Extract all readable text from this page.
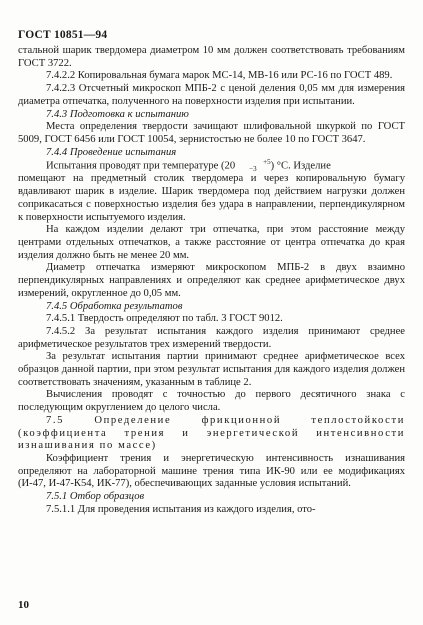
ГОСТ 10851—94

стальной шарик твердомера диаметром 10 мм должен соответствовать требованиям ГОСТ 3722.

7.4.2.2 Копировальная бумага марок МС-14, МВ-16 или РС-16 по ГОСТ 489.

7.4.2.3 Отсчетный микроскоп МПБ-2 с ценой деления 0,05 мм для измерения диаметра отпечатка, полученного на поверхности изделия при испытании.

7.4.3 Подготовка к испытанию

Места определения твердости зачищают шлифовальной шкуркой по ГОСТ 5009, ГОСТ 6456 или ГОСТ 10054, зернистостью не более 10 по ГОСТ 3647.

7.4.4 Проведение испытания

Испытания проводят при температуре (20	+5
−3 ) °С. Изделие

помещают на предметный столик твердомера и через копировальную бумагу вдавливают шарик в изделие. Шарик твердомера под действием нагрузки должен соприкасаться с поверхностью изделия без удара в направлении, перпендикулярном к поверхности испытуемого изделия.

На каждом изделии делают три отпечатка, при этом расстояние между центрами отдельных отпечатков, а также расстояние от центра отпечатка до края изделия должно быть не менее 20 мм.

Диаметр отпечатка измеряют микроскопом МПБ-2 в двух взаимно перпендикулярных направлениях и определяют как среднее арифметическое двух измерений, округленное до 0,05 мм.

7.4.5 Обработка результатов

7.4.5.1 Твердость определяют по табл. 3 ГОСТ 9012.

7.4.5.2 За результат испытания каждого изделия принимают среднее арифметическое результатов трех измерений твердости.

За результат испытания партии принимают среднее арифметическое всех образцов данной партии, при этом результат испытания для каждого изделия должен соответствовать значениям, указанным в таблице 2.

Вычисления проводят с точностью до первого десятичного знака с последующим округлением до целого числа.

7.5 Определение фрикционной теплостойкости (коэффициента трения и энергетической интенсивности изнашивания по массе)

Коэффициент трения и энергетическую интенсивность изнашивания определяют на лабораторной машине трения типа ИК-90 или ее модификациях (И-47, И-47-К54, ИК-77), обеспечивающих заданные условия испытаний.

7.5.1 Отбор образцов

7.5.1.1 Для проведения испытания из каждого изделия, ото-

10
